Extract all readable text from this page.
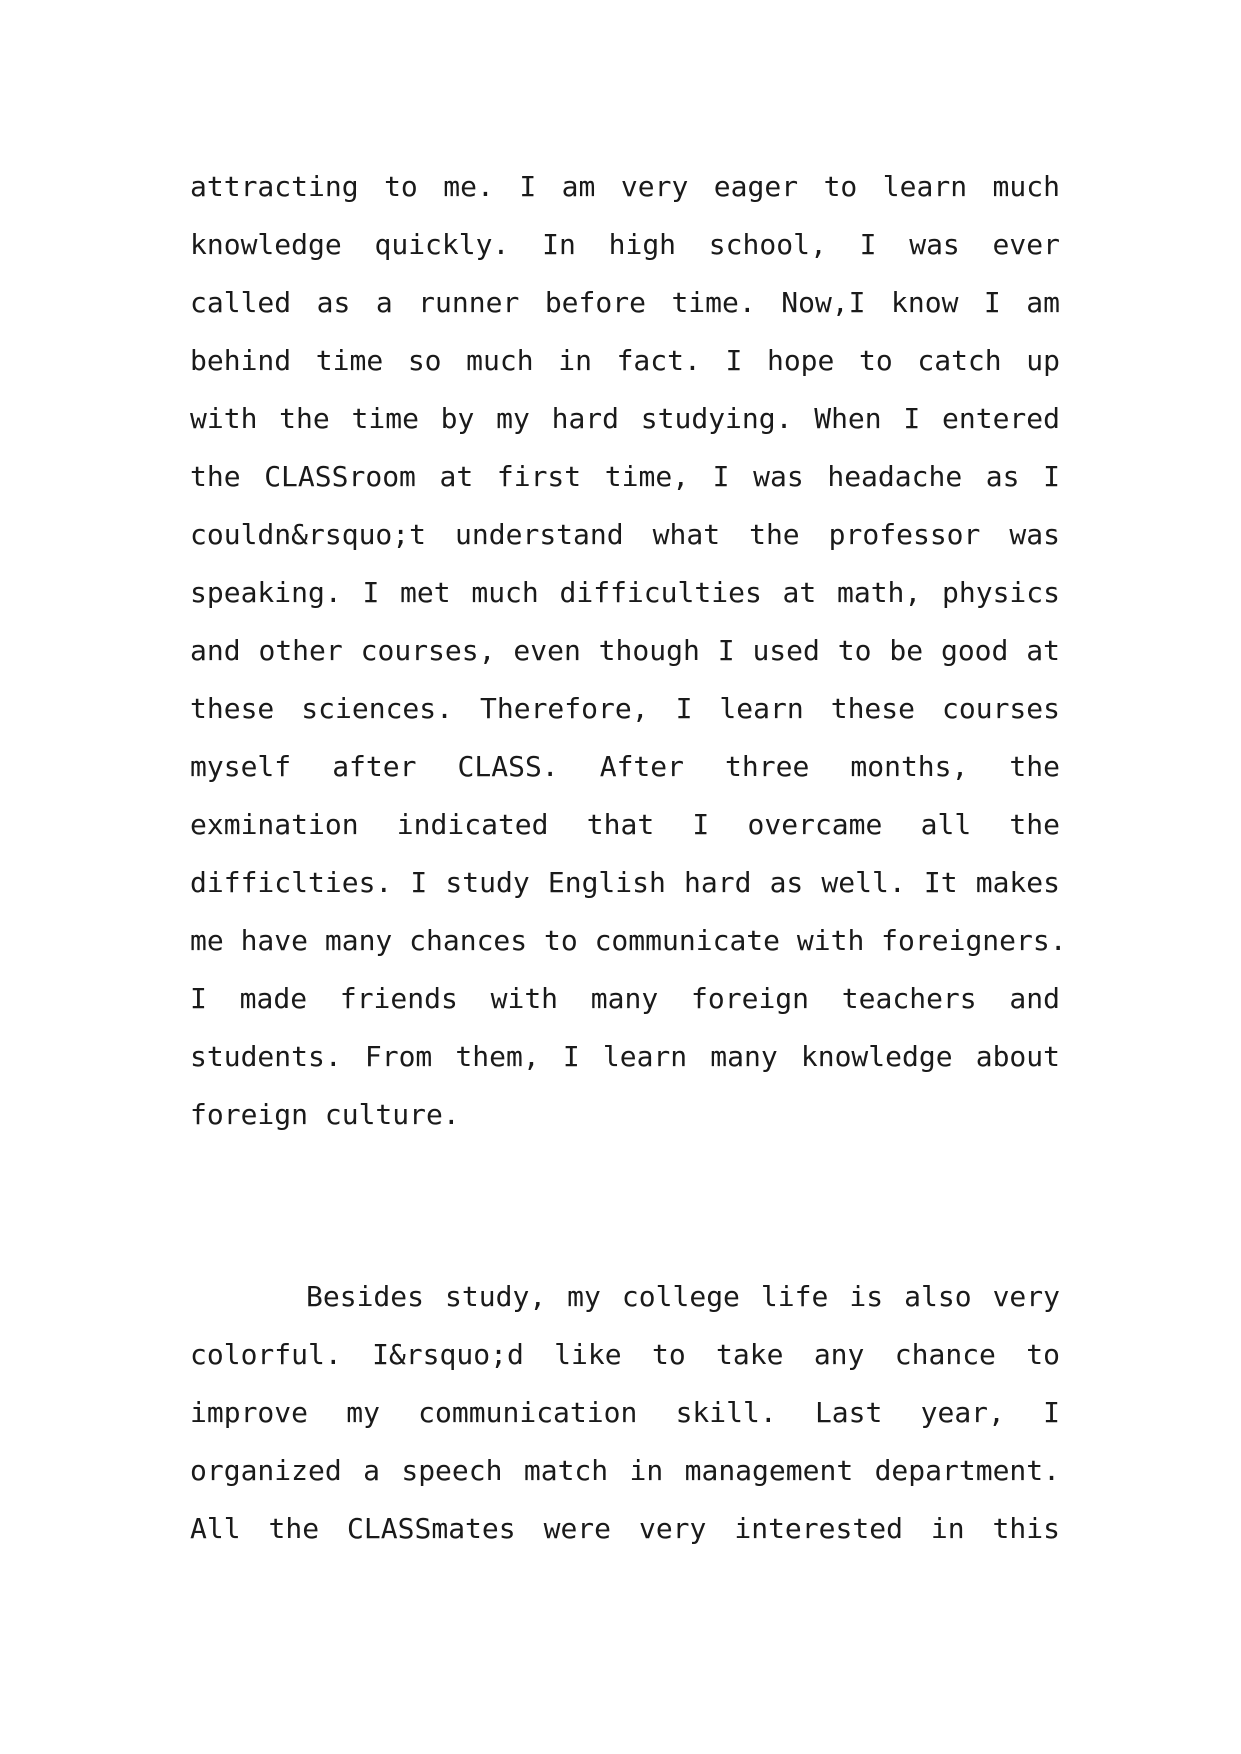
attracting to me. I am very eager to learn much
knowledge quickly. In high school, I was ever
called as a runner before time. Now,I know I am
behind time so much in fact. I hope to catch up
with the time by my hard studying. When I entered
the CLASSroom at first time, I was headache as I
couldn&rsquo;t understand what the professor was
speaking. I met much difficulties at math, physics
and other courses, even though I used to be good at
these sciences. Therefore, I learn these courses
myself after CLASS. After three months, the
exmination indicated that I overcame all the
difficlties. I study English hard as well. It makes
me have many chances to communicate with foreigners.
I made friends with many foreign teachers and
students. From them, I learn many knowledge about
foreign culture.
Besides study, my college life is also very
colorful. I&rsquo;d like to take any chance to
improve my communication skill. Last year, I
organized a speech match in management department.
All the CLASSmates were very interested in this
